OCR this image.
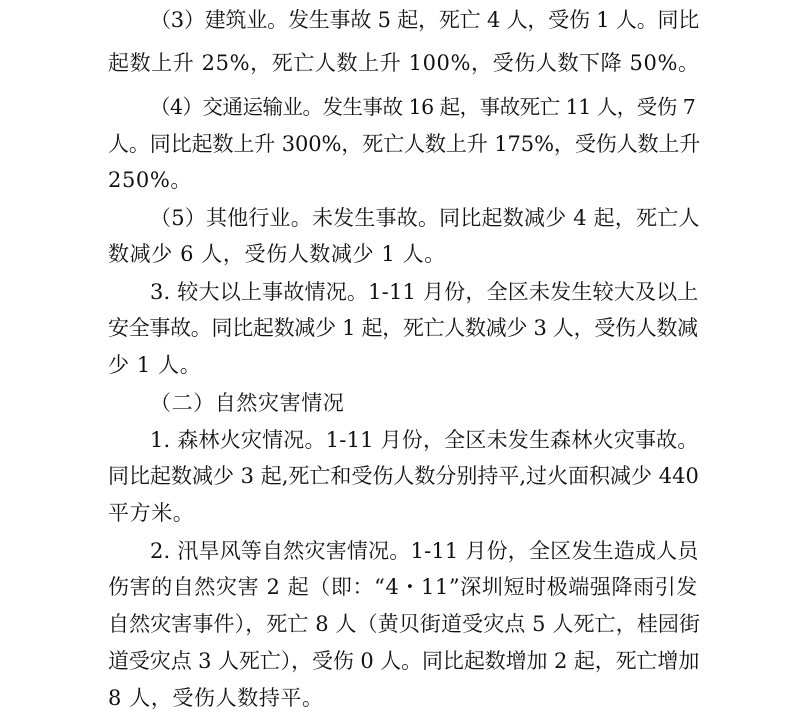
（3）建筑业。发生事故 5 起，死亡 4 人，受伤 1 人。同比
起数上升 25%，死亡人数上升 100%，受伤人数下降 50%。
（4）交通运输业。发生事故 16 起，事故死亡 11 人，受伤 7
人。同比起数上升 300%，死亡人数上升 175%，受伤人数上升
250%。
（5）其他行业。未发生事故。同比起数减少 4 起，死亡人
数减少 6 人，受伤人数减少 1 人。
3. 较大以上事故情况。1-11 月份，全区未发生较大及以上
安全事故。同比起数减少 1 起，死亡人数减少 3 人，受伤人数减
少 1 人。
（二）自然灾害情况
1. 森林火灾情况。1-11 月份，全区未发生森林火灾事故。
同比起数减少 3 起,死亡和受伤人数分别持平,过火面积减少 440
平方米。
2. 汛旱风等自然灾害情况。1-11 月份，全区发生造成人员
伤害的自然灾害 2 起（即：“4・11”深圳短时极端强降雨引发
自然灾害事件），死亡 8 人（黄贝街道受灾点 5 人死亡，桂园街
道受灾点 3 人死亡），受伤 0 人。同比起数增加 2 起，死亡增加
8 人，受伤人数持平。
